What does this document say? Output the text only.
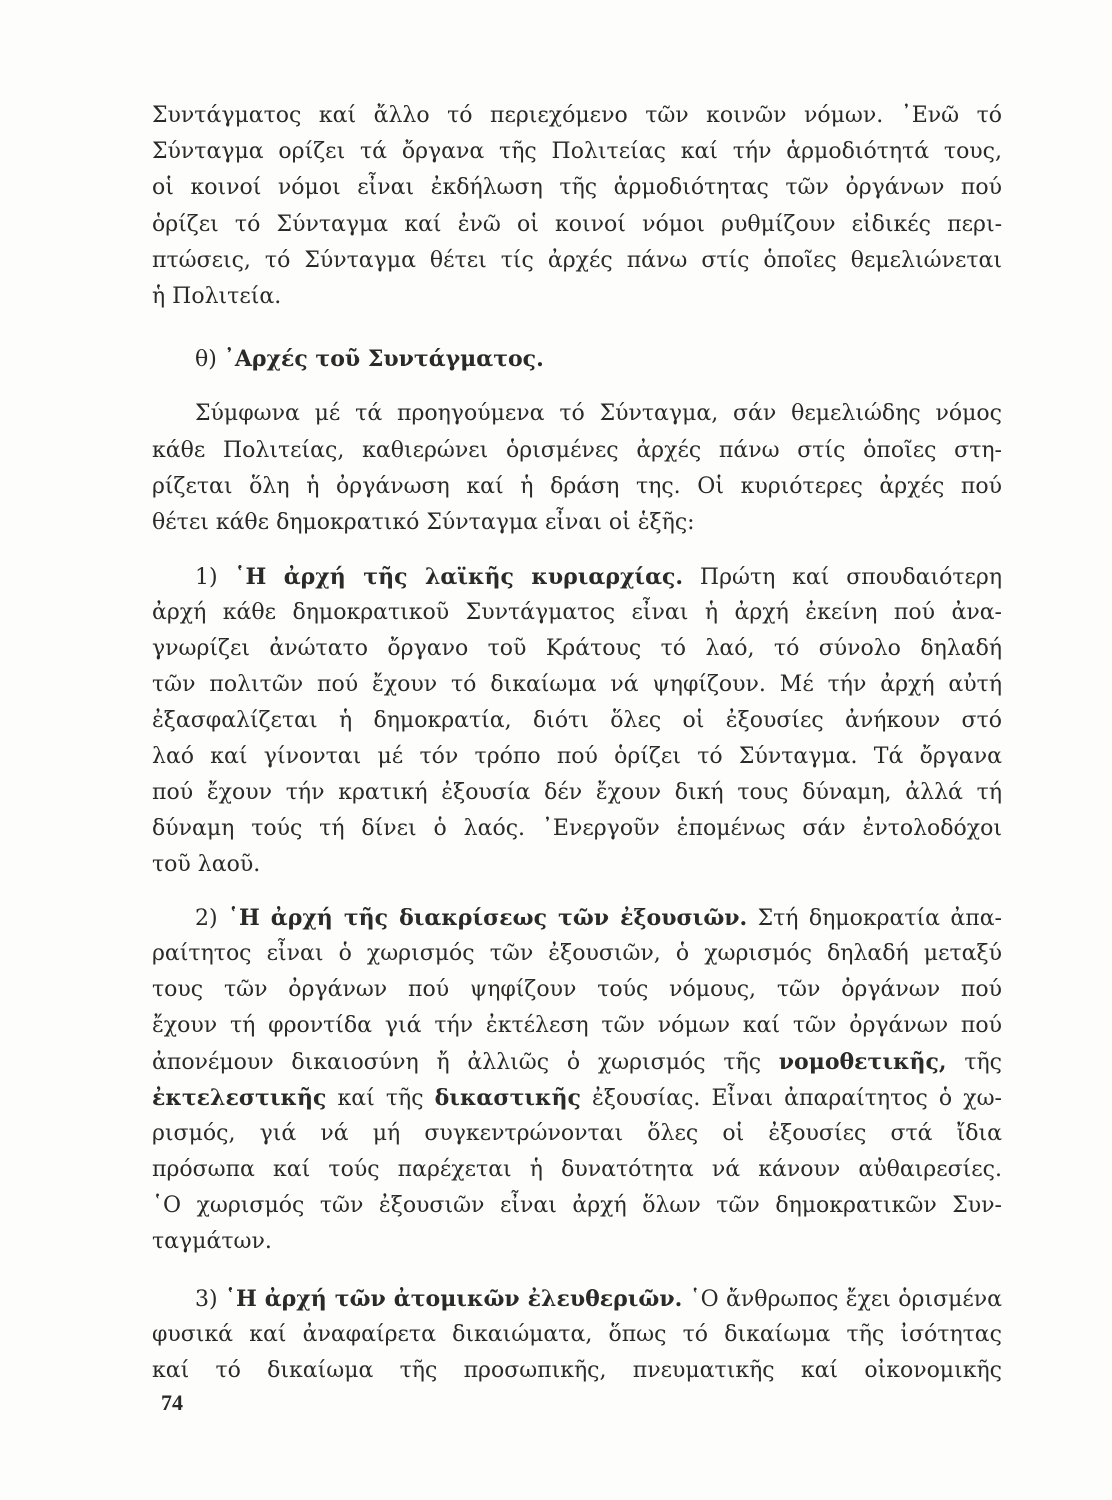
Συντάγματος καί ἄλλο τό περιεχόμενο τῶν κοινῶν νόμων. ᾿Ενῶ τό
Σύνταγμα ορίζει τά ὄργανα τῆς Πολιτείας καί τήν ἁρμοδιότητά τους,
οἱ κοινοί νόμοι εἶναι ἐκδήλωση τῆς ἁρμοδιότητας τῶν ὀργάνων πού
ὁρίζει τό Σύνταγμα καί ἐνῶ οἱ κοινοί νόμοι ρυθμίζουν εἰδικές περι-
πτώσεις, τό Σύνταγμα θέτει τίς ἀρχές πάνω στίς ὁποῖες θεμελιώνεται
ἡ Πολιτεία.
θ) ᾿Αρχές τοῦ Συντάγματος.
Σύμφωνα μέ τά προηγούμενα τό Σύνταγμα, σάν θεμελιώδης νόμος
κάθε Πολιτείας, καθιερώνει ὁρισμένες ἀρχές πάνω στίς ὁποῖες στη-
ρίζεται ὅλη ἡ ὀργάνωση καί ἡ δράση της. Οἱ κυριότερες ἀρχές πού
θέτει κάθε δημοκρατικό Σύνταγμα εἶναι οἱ ἑξῆς:
1) ῾Η ἀρχή τῆς λαϊκῆς κυριαρχίας. Πρώτη καί σπουδαιότερη
ἀρχή κάθε δημοκρατικοῦ Συντάγματος εἶναι ἡ ἀρχή ἐκείνη πού ἀνα-
γνωρίζει ἀνώτατο ὄργανο τοῦ Κράτους τό λαό, τό σύνολο δηλαδή
τῶν πολιτῶν πού ἔχουν τό δικαίωμα νά ψηφίζουν. Μέ τήν ἀρχή αὐτή
ἐξασφαλίζεται ἡ δημοκρατία, διότι ὅλες οἱ ἐξουσίες ἀνήκουν στό
λαό καί γίνονται μέ τόν τρόπο πού ὁρίζει τό Σύνταγμα. Τά ὄργανα
πού ἔχουν τήν κρατική ἐξουσία δέν ἔχουν δική τους δύναμη, ἀλλά τή
δύναμη τούς τή δίνει ὁ λαός. ᾿Ενεργοῦν ἑπομένως σάν ἐντολοδόχοι
τοῦ λαοῦ.
2) ῾Η ἀρχή τῆς διακρίσεως τῶν ἐξουσιῶν. Στή δημοκρατία ἀπα-
ραίτητος εἶναι ὁ χωρισμός τῶν ἐξουσιῶν, ὁ χωρισμός δηλαδή μεταξύ
τους τῶν ὀργάνων πού ψηφίζουν τούς νόμους, τῶν ὀργάνων πού
ἔχουν τή φροντίδα γιά τήν ἐκτέλεση τῶν νόμων καί τῶν ὀργάνων πού
ἀπονέμουν δικαιοσύνη ἤ ἀλλιῶς ὁ χωρισμός τῆς νομοθετικῆς, τῆς
ἐκτελεστικῆς καί τῆς δικαστικῆς ἐξουσίας. Εἶναι ἀπαραίτητος ὁ χω-
ρισμός, γιά νά μή συγκεντρώνονται ὅλες οἱ ἐξουσίες στά ἴδια
πρόσωπα καί τούς παρέχεται ἡ δυνατότητα νά κάνουν αὐθαιρεσίες.
῾Ο χωρισμός τῶν ἐξουσιῶν εἶναι ἀρχή ὅλων τῶν δημοκρατικῶν Συν-
ταγμάτων.
3) ῾Η ἀρχή τῶν ἀτομικῶν ἐλευθεριῶν. ῾Ο ἄνθρωπος ἔχει ὁρισμένα
φυσικά καί ἀναφαίρετα δικαιώματα, ὅπως τό δικαίωμα τῆς ἰσότητας
καί τό δικαίωμα τῆς προσωπικῆς, πνευματικῆς καί οἰκονομικῆς
74
